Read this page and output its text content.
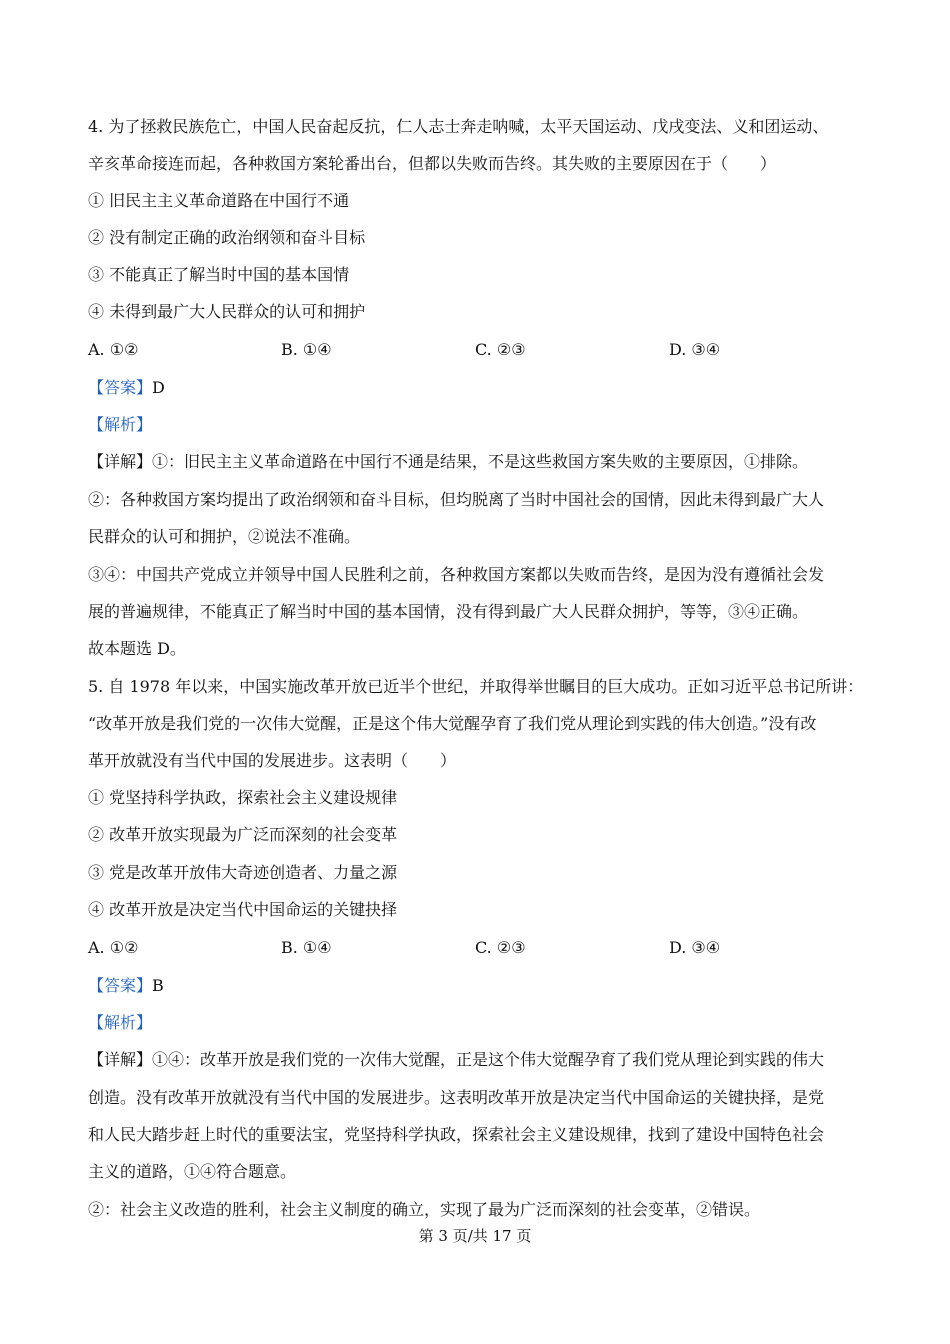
4. 为了拯救民族危亡，中国人民奋起反抗，仁人志士奔走呐喊，太平天国运动、戊戌变法、义和团运动、
辛亥革命接连而起，各种救国方案轮番出台，但都以失败而告终。其失败的主要原因在于（　　）
① 旧民主主义革命道路在中国行不通
② 没有制定正确的政治纲领和奋斗目标
③ 不能真正了解当时中国的基本国情
④ 未得到最广大人民群众的认可和拥护
A. ①②	B. ①④	C. ②③	D. ③④
【答案】D
【解析】
【详解】①：旧民主主义革命道路在中国行不通是结果，不是这些救国方案失败的主要原因，①排除。
②：各种救国方案均提出了政治纲领和奋斗目标，但均脱离了当时中国社会的国情，因此未得到最广大人
民群众的认可和拥护，②说法不准确。
③④：中国共产党成立并领导中国人民胜利之前，各种救国方案都以失败而告终，是因为没有遵循社会发
展的普遍规律，不能真正了解当时中国的基本国情，没有得到最广大人民群众拥护，等等，③④正确。
故本题选 D。
5. 自 1978 年以来，中国实施改革开放已近半个世纪，并取得举世瞩目的巨大成功。正如习近平总书记所讲：
“改革开放是我们党的一次伟大觉醒，正是这个伟大觉醒孕育了我们党从理论到实践的伟大创造。”没有改
革开放就没有当代中国的发展进步。这表明（　　）
① 党坚持科学执政，探索社会主义建设规律
② 改革开放实现最为广泛而深刻的社会变革
③ 党是改革开放伟大奇迹创造者、力量之源
④ 改革开放是决定当代中国命运的关键抉择
A. ①②	B. ①④	C. ②③	D. ③④
【答案】B
【解析】
【详解】①④：改革开放是我们党的一次伟大觉醒，正是这个伟大觉醒孕育了我们党从理论到实践的伟大
创造。没有改革开放就没有当代中国的发展进步。这表明改革开放是决定当代中国命运的关键抉择，是党
和人民大踏步赶上时代的重要法宝，党坚持科学执政，探索社会主义建设规律，找到了建设中国特色社会
主义的道路，①④符合题意。
②：社会主义改造的胜利，社会主义制度的确立，实现了最为广泛而深刻的社会变革，②错误。
第 3 页/共 17 页
